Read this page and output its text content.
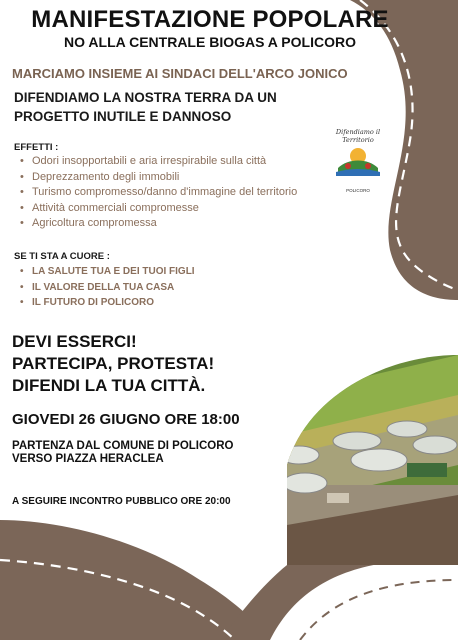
Difendiamo il Territorio
POLICORO
MANIFESTAZIONE POPOLARE
NO ALLA CENTRALE BIOGAS A POLICORO
MARCIAMO INSIEME AI SINDACI DELL'ARCO JONICO
DIFENDIAMO LA NOSTRA TERRA DA UN
PROGETTO INUTILE E DANNOSO
EFFETTI :
• Odori insopportabili e aria irrespirabile sulla città
• Deprezzamento degli immobili
• Turismo compromesso/danno d'immagine del territorio
• Attività commerciali compromesse
• Agricoltura compromessa
SE TI STA A CUORE :
• LA SALUTE TUA E DEI TUOI FIGLI
• IL VALORE DELLA TUA CASA
• IL FUTURO DI POLICORO
DEVI ESSERCI!
PARTECIPA, PROTESTA!
DIFENDI LA TUA CITTÀ.
GIOVEDI 26 GIUGNO ORE 18:00
PARTENZA DAL COMUNE DI POLICORO
VERSO PIAZZA HERACLEA
A SEGUIRE INCONTRO PUBBLICO ORE 20:00
